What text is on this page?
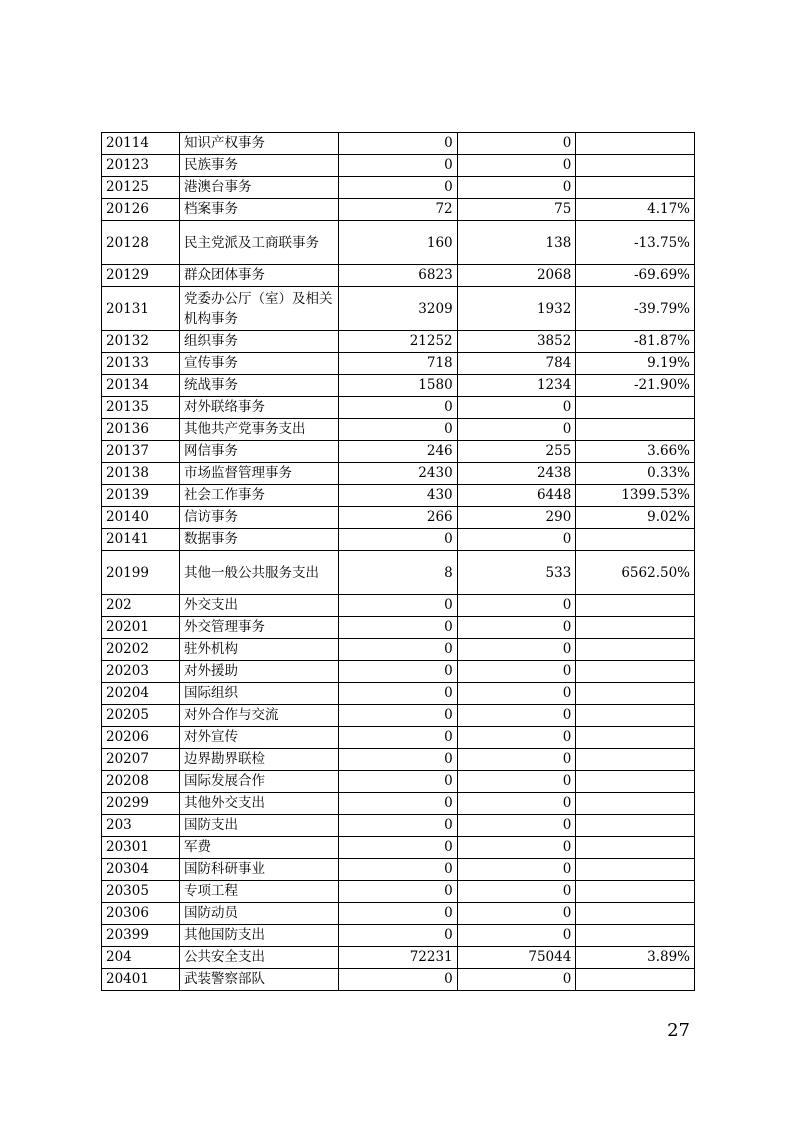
20114	知识产权事务	0	0	
20123	民族事务	0	0	
20125	港澳台事务	0	0	
20126	档案事务	72	75	4.17%
20128	民主党派及工商联事务	160	138	-13.75%
20129	群众团体事务	6823	2068	-69.69%
20131	党委办公厅（室）及相关机构事务	3209	1932	-39.79%
20132	组织事务	21252	3852	-81.87%
20133	宣传事务	718	784	9.19%
20134	统战事务	1580	1234	-21.90%
20135	对外联络事务	0	0	
20136	其他共产党事务支出	0	0	
20137	网信事务	246	255	3.66%
20138	市场监督管理事务	2430	2438	0.33%
20139	社会工作事务	430	6448	1399.53%
20140	信访事务	266	290	9.02%
20141	数据事务	0	0	
20199	其他一般公共服务支出	8	533	6562.50%
202	外交支出	0	0	
20201	外交管理事务	0	0	
20202	驻外机构	0	0	
20203	对外援助	0	0	
20204	国际组织	0	0	
20205	对外合作与交流	0	0	
20206	对外宣传	0	0	
20207	边界勘界联检	0	0	
20208	国际发展合作	0	0	
20299	其他外交支出	0	0	
203	国防支出	0	0	
20301	军费	0	0	
20304	国防科研事业	0	0	
20305	专项工程	0	0	
20306	国防动员	0	0	
20399	其他国防支出	0	0	
204	公共安全支出	72231	75044	3.89%
20401	武装警察部队	0	0	
27
